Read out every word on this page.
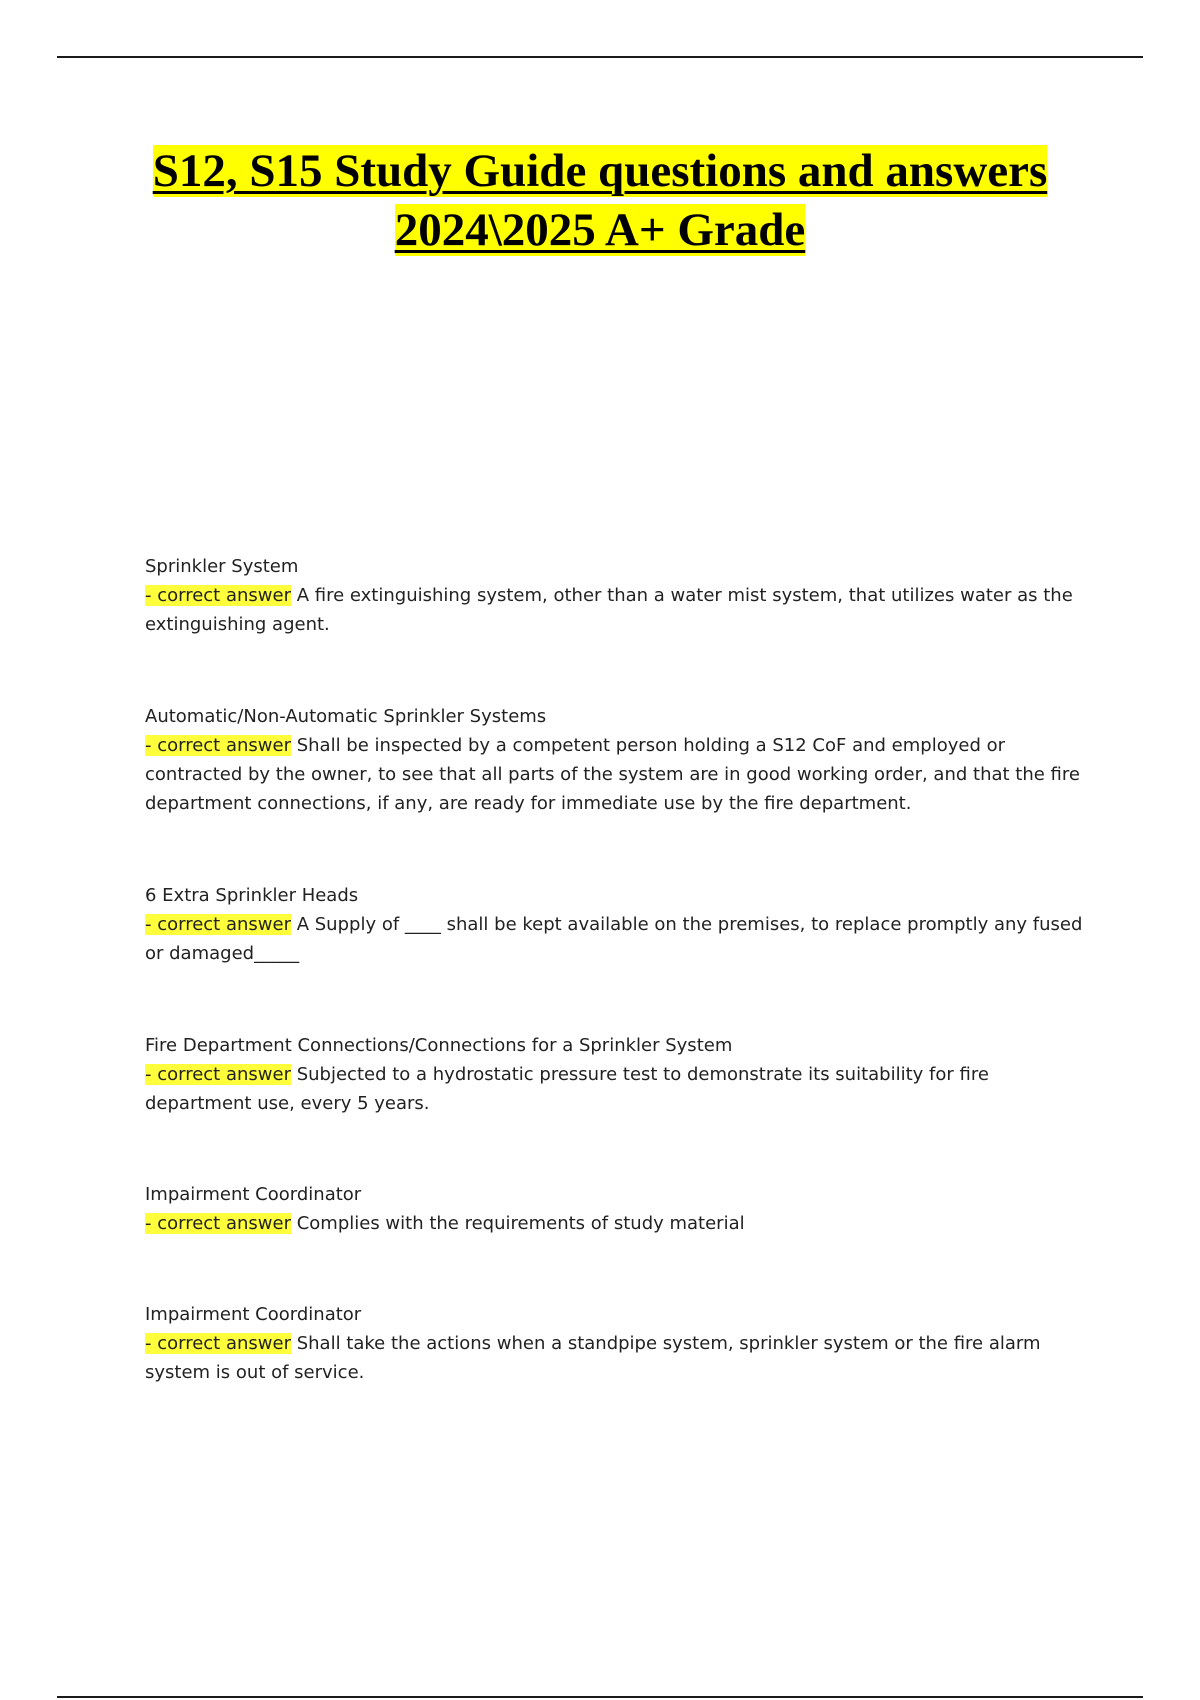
S12, S15 Study Guide questions and answers
2024\2025 A+ Grade

Sprinkler System

- correct answer A fire extinguishing system, other than a water mist system, that utilizes water as the extinguishing agent.

Automatic/Non-Automatic Sprinkler Systems

- correct answer Shall be inspected by a competent person holding a S12 CoF and employed or contracted by the owner, to see that all parts of the system are in good working order, and that the fire department connections, if any, are ready for immediate use by the fire department.

6 Extra Sprinkler Heads

- correct answer A Supply of ____ shall be kept available on the premises, to replace promptly any fused or damaged_____

Fire Department Connections/Connections for a Sprinkler System

- correct answer Subjected to a hydrostatic pressure test to demonstrate its suitability for fire department use, every 5 years.

Impairment Coordinator

- correct answer Complies with the requirements of study material

Impairment Coordinator

- correct answer Shall take the actions when a standpipe system, sprinkler system or the fire alarm system is out of service.
